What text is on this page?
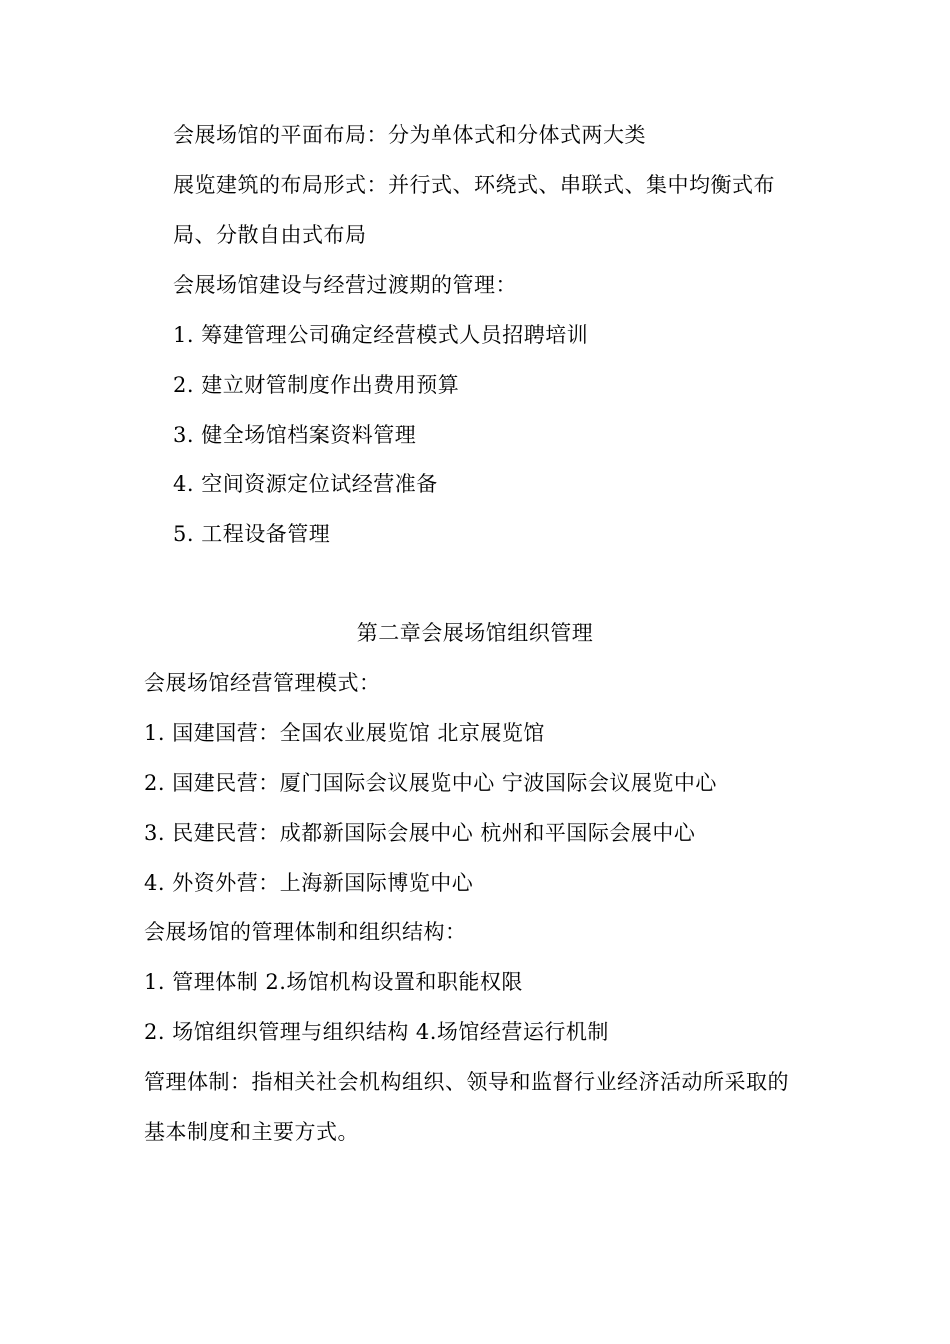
会展场馆的平面布局：分为单体式和分体式两大类
展览建筑的布局形式：并行式、环绕式、串联式、集中均衡式布
局、分散自由式布局
会展场馆建设与经营过渡期的管理：
1. 筹建管理公司确定经营模式人员招聘培训
2. 建立财管制度作出费用预算
3. 健全场馆档案资料管理
4. 空间资源定位试经营准备
5. 工程设备管理
第二章会展场馆组织管理
会展场馆经营管理模式：
1. 国建国营：全国农业展览馆 北京展览馆
2. 国建民营：厦门国际会议展览中心 宁波国际会议展览中心
3. 民建民营：成都新国际会展中心 杭州和平国际会展中心
4. 外资外营：上海新国际博览中心
会展场馆的管理体制和组织结构：
1. 管理体制 2.场馆机构设置和职能权限
2. 场馆组织管理与组织结构 4.场馆经营运行机制
管理体制：指相关社会机构组织、领导和监督行业经济活动所采取的
基本制度和主要方式。
